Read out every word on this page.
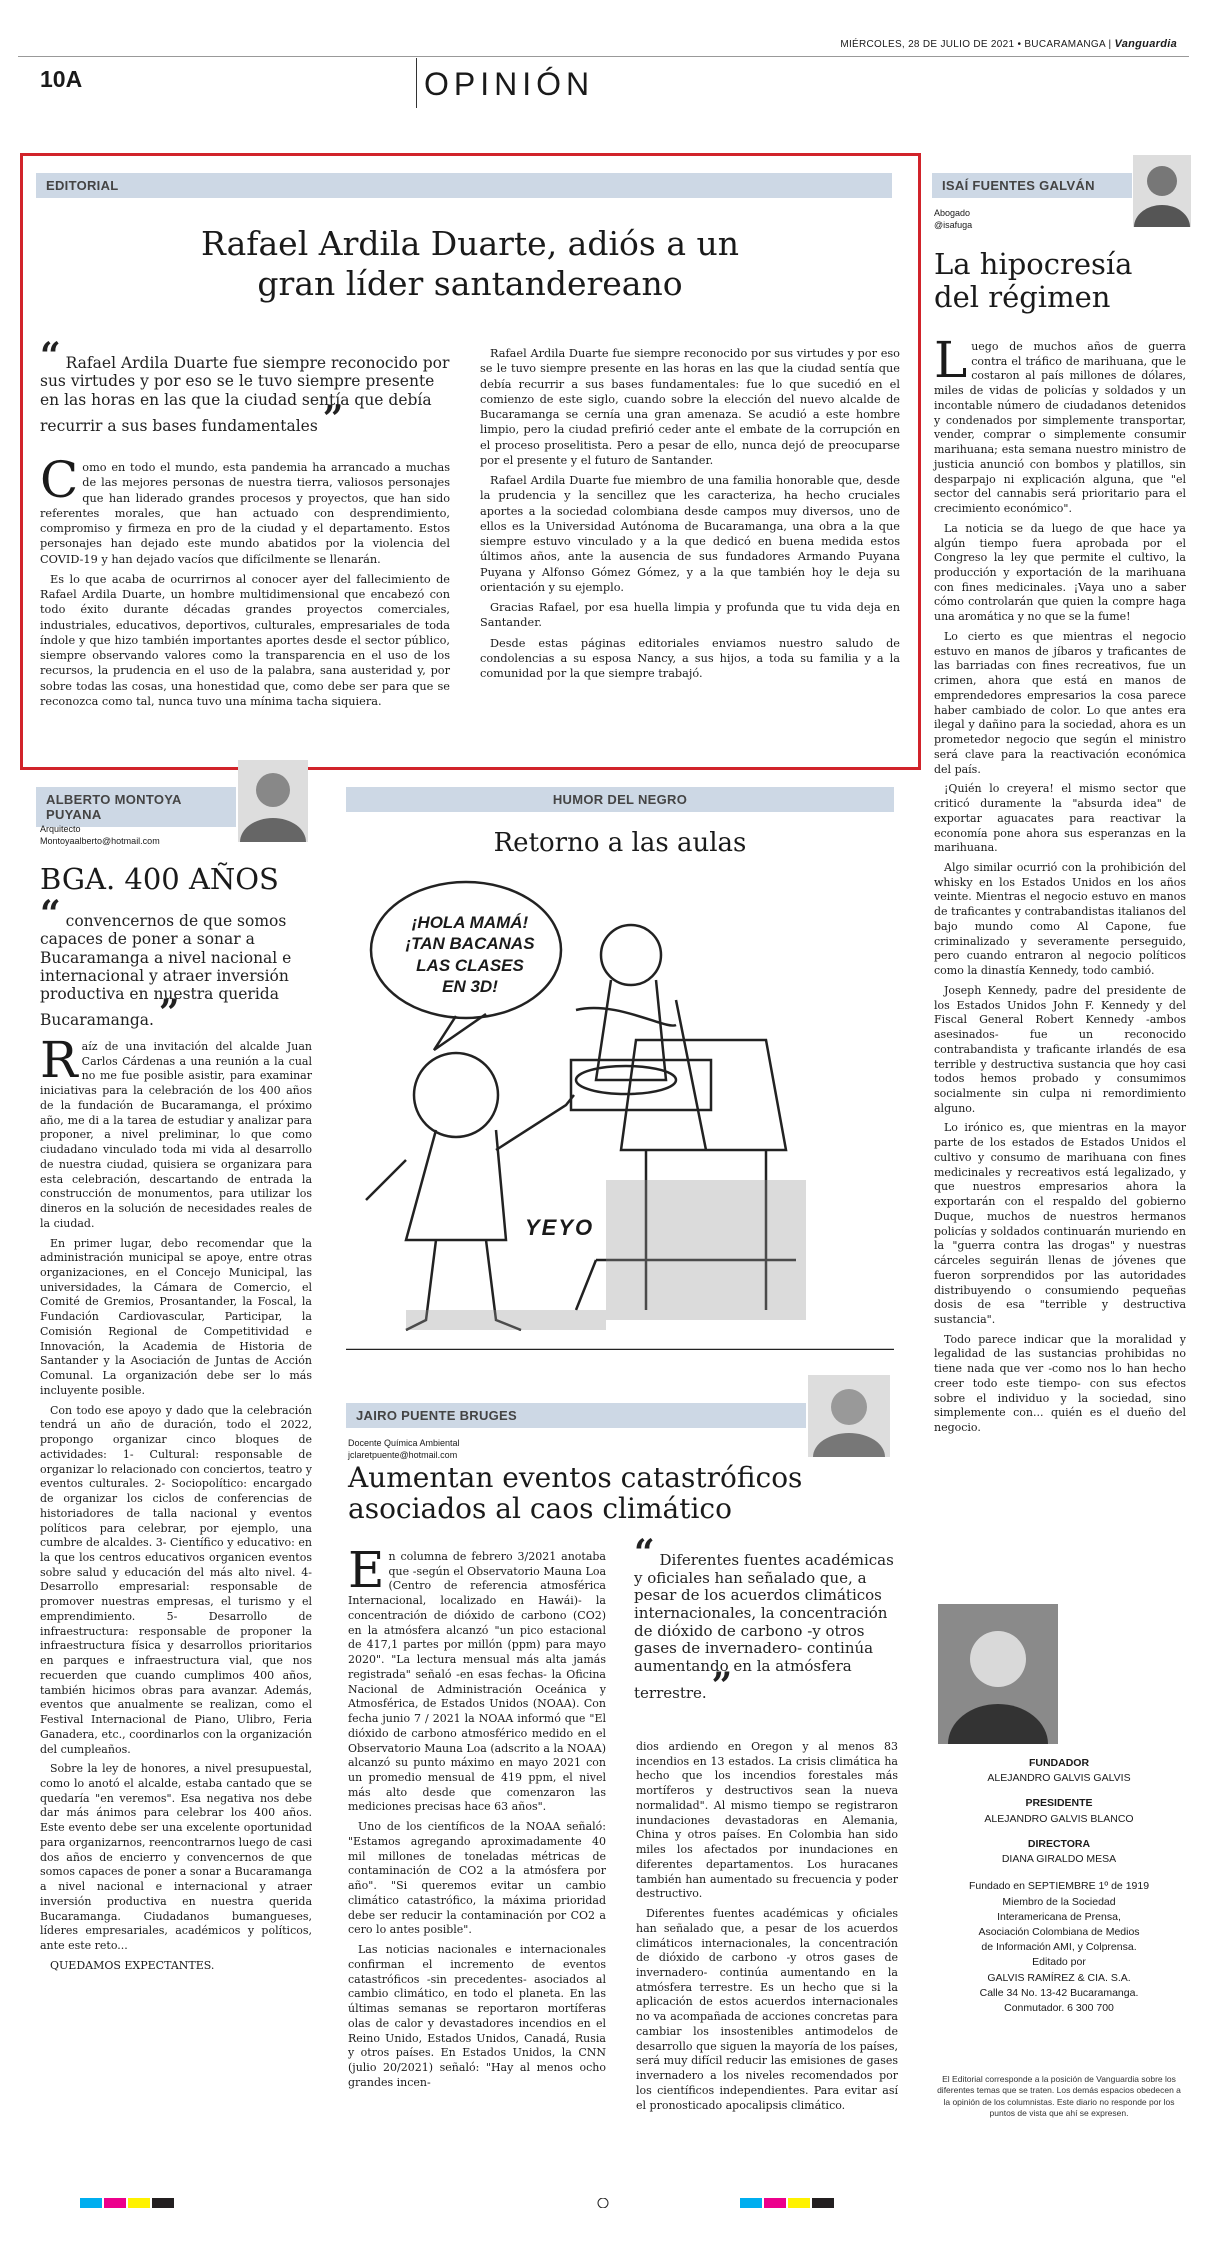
MIÉRCOLES, 28 DE JULIO DE 2021 • BUCARAMANGA | Vanguardia
10A	OPINIÓN
EDITORIAL
Rafael Ardila Duarte, adiós a un gran líder santandereano
“ Rafael Ardila Duarte fue siempre reconocido por sus virtudes y por eso se le tuvo siempre presente en las horas en las que la ciudad sentía que debía recurrir a sus bases fundamentales ”

Como en todo el mundo, esta pandemia ha arrancado a muchas de las mejores personas de nuestra tierra, valiosos personajes que han liderado grandes procesos y proyectos, que han sido referentes morales, que han actuado con desprendimiento, compromiso y firmeza en pro de la ciudad y el departamento. Estos personajes han dejado este mundo abatidos por la violencia del COVID-19 y han dejado vacíos que difícilmente se llenarán.

Es lo que acaba de ocurrirnos al conocer ayer del fallecimiento de Rafael Ardila Duarte, un hombre multidimensional que encabezó con todo éxito durante décadas grandes proyectos comerciales, industriales, educativos, deportivos, culturales, empresariales de toda índole y que hizo también importantes aportes desde el sector público, siempre observando valores como la transparencia en el uso de los recursos, la prudencia en el uso de la palabra, sana austeridad y, por sobre todas las cosas, una honestidad que, como debe ser para que se reconozca como tal, nunca tuvo una mínima tacha siquiera.

Rafael Ardila Duarte fue siempre reconocido por sus virtudes y por eso se le tuvo siempre presente en las horas en las que la ciudad sentía que debía recurrir a sus bases fundamentales: fue lo que sucedió en el comienzo de este siglo, cuando sobre la elección del nuevo alcalde de Bucaramanga se cernía una gran amenaza. Se acudió a este hombre limpio, pero la ciudad prefirió ceder ante el embate de la corrupción en el proceso proselitista. Pero a pesar de ello, nunca dejó de preocuparse por el presente y el futuro de Santander.

Rafael Ardila Duarte fue miembro de una familia honorable que, desde la prudencia y la sencillez que les caracteriza, ha hecho cruciales aportes a la sociedad colombiana desde campos muy diversos, uno de ellos es la Universidad Autónoma de Bucaramanga, una obra a la que siempre estuvo vinculado y a la que dedicó en buena medida estos últimos años, ante la ausencia de sus fundadores Armando Puyana Puyana y Alfonso Gómez Gómez, y a la que también hoy le deja su orientación y su ejemplo.

Gracias Rafael, por esa huella limpia y profunda que tu vida deja en Santander.

Desde estas páginas editoriales enviamos nuestro saludo de condolencias a su esposa Nancy, a sus hijos, a toda su familia y a la comunidad por la que siempre trabajó.

ISAÍ FUENTES GALVÁN
Abogado
@isafuga
La hipocresía del régimen

Luego de muchos años de guerra contra el tráfico de marihuana, que le costaron al país millones de dólares, miles de vidas de policías y soldados y un incontable número de ciudadanos detenidos y condenados por simplemente transportar, vender, comprar o simplemente consumir marihuana; esta semana nuestro ministro de justicia anunció con bombos y platillos, sin desparpajo ni explicación alguna, que "el sector del cannabis será prioritario para el crecimiento económico".

La noticia se da luego de que hace ya algún tiempo fuera aprobada por el Congreso la ley que permite el cultivo, la producción y exportación de la marihuana con fines medicinales. ¡Vaya uno a saber cómo controlarán que quien la compre haga una aromática y no que se la fume!

Lo cierto es que mientras el negocio estuvo en manos de jíbaros y traficantes de las barriadas con fines recreativos, fue un crimen, ahora que está en manos de emprendedores empresarios la cosa parece haber cambiado de color. Lo que antes era ilegal y dañino para la sociedad, ahora es un prometedor negocio que según el ministro será clave para la reactivación económica del país.

¡Quién lo creyera! el mismo sector que criticó duramente la "absurda idea" de exportar aguacates para reactivar la economía pone ahora sus esperanzas en la marihuana.

Algo similar ocurrió con la prohibición del whisky en los Estados Unidos en los años veinte. Mientras el negocio estuvo en manos de traficantes y contrabandistas italianos del bajo mundo como Al Capone, fue criminalizado y severamente perseguido, pero cuando entraron al negocio políticos como la dinastía Kennedy, todo cambió.

Joseph Kennedy, padre del presidente de los Estados Unidos John F. Kennedy y del Fiscal General Robert Kennedy -ambos asesinados- fue un reconocido contrabandista y traficante irlandés de esa terrible y destructiva sustancia que hoy casi todos hemos probado y consumimos socialmente sin culpa ni remordimiento alguno.

Lo irónico es, que mientras en la mayor parte de los estados de Estados Unidos el cultivo y consumo de marihuana con fines medicinales y recreativos está legalizado, y que nuestros empresarios ahora la exportarán con el respaldo del gobierno Duque, muchos de nuestros hermanos policías y soldados continuarán muriendo en la "guerra contra las drogas" y nuestras cárceles seguirán llenas de jóvenes que fueron sorprendidos por las autoridades distribuyendo o consumiendo pequeñas dosis de esa "terrible y destructiva sustancia".

Todo parece indicar que la moralidad y legalidad de las sustancias prohibidas no tiene nada que ver -como nos lo han hecho creer todo este tiempo- con sus efectos sobre el individuo y la sociedad, sino simplemente con... quién es el dueño del negocio.

FUNDADOR
ALEJANDRO GALVIS GALVIS
PRESIDENTE
ALEJANDRO GALVIS BLANCO
DIRECTORA
DIANA GIRALDO MESA
Fundado en SEPTIEMBRE 1º de 1919
Miembro de la Sociedad
Interamericana de Prensa,
Asociación Colombiana de Medios
de Información AMI, y Colprensa.
Editado por
GALVIS RAMÍREZ & CIA. S.A.
Calle 34 No. 13-42 Bucaramanga.
Conmutador. 6 300 700
El Editorial corresponde a la posición de Vanguardia sobre los diferentes temas que se traten. Los demás espacios obedecen a la opinión de los columnistas. Este diario no responde por los puntos de vista que ahí se expresen.
ALBERTO MONTOYA PUYANA
Arquitecto
Montoyaalberto@hotmail.com
BGA. 400 AÑOS
“ convencernos de que somos capaces de poner a sonar a Bucaramanga a nivel nacional e internacional y atraer inversión productiva en nuestra querida Bucaramanga. ”

Raíz de una invitación del alcalde Juan Carlos Cárdenas a una reunión a la cual no me fue posible asistir, para examinar iniciativas para la celebración de los 400 años de la fundación de Bucaramanga, el próximo año, me di a la tarea de estudiar y analizar para proponer, a nivel preliminar, lo que como ciudadano vinculado toda mi vida al desarrollo de nuestra ciudad, quisiera se organizara para esta celebración, descartando de entrada la construcción de monumentos, para utilizar los dineros en la solución de necesidades reales de la ciudad.

En primer lugar, debo recomendar que la administración municipal se apoye, entre otras organizaciones, en el Concejo Municipal, las universidades, la Cámara de Comercio, el Comité de Gremios, Prosantander, la Foscal, la Fundación Cardiovascular, Participar, la Comisión Regional de Competitividad e Innovación, la Academia de Historia de Santander y la Asociación de Juntas de Acción Comunal. La organización debe ser lo más incluyente posible.

Con todo ese apoyo y dado que la celebración tendrá un año de duración, todo el 2022, propongo organizar cinco bloques de actividades: 1- Cultural: responsable de organizar lo relacionado con conciertos, teatro y eventos culturales. 2- Sociopolítico: encargado de organizar los ciclos de conferencias de historiadores de talla nacional y eventos políticos para celebrar, por ejemplo, una cumbre de alcaldes. 3- Científico y educativo: en la que los centros educativos organicen eventos sobre salud y educación del más alto nivel. 4- Desarrollo empresarial: responsable de promover nuestras empresas, el turismo y el emprendimiento. 5- Desarrollo de infraestructura: responsable de proponer la infraestructura física y desarrollos prioritarios en parques e infraestructura vial, que nos recuerden que cuando cumplimos 400 años, también hicimos obras para avanzar. Además, eventos que anualmente se realizan, como el Festival Internacional de Piano, Ulibro, Feria Ganadera, etc., coordinarlos con la organización del cumpleaños.

Sobre la ley de honores, a nivel presupuestal, como lo anotó el alcalde, estaba cantado que se quedaría "en veremos". Esa negativa nos debe dar más ánimos para celebrar los 400 años. Este evento debe ser una excelente oportunidad para organizarnos, reencontrarnos luego de casi dos años de encierro y convencernos de que somos capaces de poner a sonar a Bucaramanga a nivel nacional e internacional y atraer inversión productiva en nuestra querida Bucaramanga. Ciudadanos bumangueses, líderes empresariales, académicos y políticos, ante este reto...

QUEDAMOS EXPECTANTES.

HUMOR DEL NEGRO
Retorno a las aulas
¡HOLA MAMÁ!
¡TAN BACANAS
LAS CLASES
EN 3D!
YEYO
JAIRO PUENTE BRUGES
Docente Química Ambiental
jclaretpuente@hotmail.com
Aumentan eventos catastróficos asociados al caos climático

En columna de febrero 3/2021 anotaba que -según el Observatorio Mauna Loa (Centro de referencia atmosférica Internacional, localizado en Hawái)- la concentración de dióxido de carbono (CO2) en la atmósfera alcanzó "un pico estacional de 417,1 partes por millón (ppm) para mayo 2020". "La lectura mensual más alta jamás registrada" señaló -en esas fechas- la Oficina Nacional de Administración Oceánica y Atmosférica, de Estados Unidos (NOAA). Con fecha junio 7 / 2021 la NOAA informó que "El dióxido de carbono atmosférico medido en el Observatorio Mauna Loa (adscrito a la NOAA) alcanzó su punto máximo en mayo 2021 con un promedio mensual de 419 ppm, el nivel más alto desde que comenzaron las mediciones precisas hace 63 años".

Uno de los científicos de la NOAA señaló: "Estamos agregando aproximadamente 40 mil millones de toneladas métricas de contaminación de CO2 a la atmósfera por año". "Si queremos evitar un cambio climático catastrófico, la máxima prioridad debe ser reducir la contaminación por CO2 a cero lo antes posible".

Las noticias nacionales e internacionales confirman el incremento de eventos catastróficos -sin precedentes- asociados al cambio climático, en todo el planeta. En las últimas semanas se reportaron mortíferas olas de calor y devastadores incendios en el Reino Unido, Estados Unidos, Canadá, Rusia y otros países. En Estados Unidos, la CNN (julio 20/2021) señaló: "Hay al menos ocho grandes incen-

“ Diferentes fuentes académicas y oficiales han señalado que, a pesar de los acuerdos climáticos internacionales, la concentración de dióxido de carbono -y otros gases de invernadero- continúa aumentando en la atmósfera terrestre. ”

dios ardiendo en Oregon y al menos 83 incendios en 13 estados. La crisis climática ha hecho que los incendios forestales más mortíferos y destructivos sean la nueva normalidad". Al mismo tiempo se registraron inundaciones devastadoras en Alemania, China y otros países. En Colombia han sido miles los afectados por inundaciones en diferentes departamentos. Los huracanes también han aumentado su frecuencia y poder destructivo.

Diferentes fuentes académicas y oficiales han señalado que, a pesar de los acuerdos climáticos internacionales, la concentración de dióxido de carbono -y otros gases de invernadero- continúa aumentando en la atmósfera terrestre. Es un hecho que si la aplicación de estos acuerdos internacionales no va acompañada de acciones concretas para cambiar los insostenibles antimodelos de desarrollo que siguen la mayoría de los países, será muy difícil reducir las emisiones de gases invernadero a los niveles recomendados por los científicos independientes. Para evitar así el pronosticado apocalipsis climático.
